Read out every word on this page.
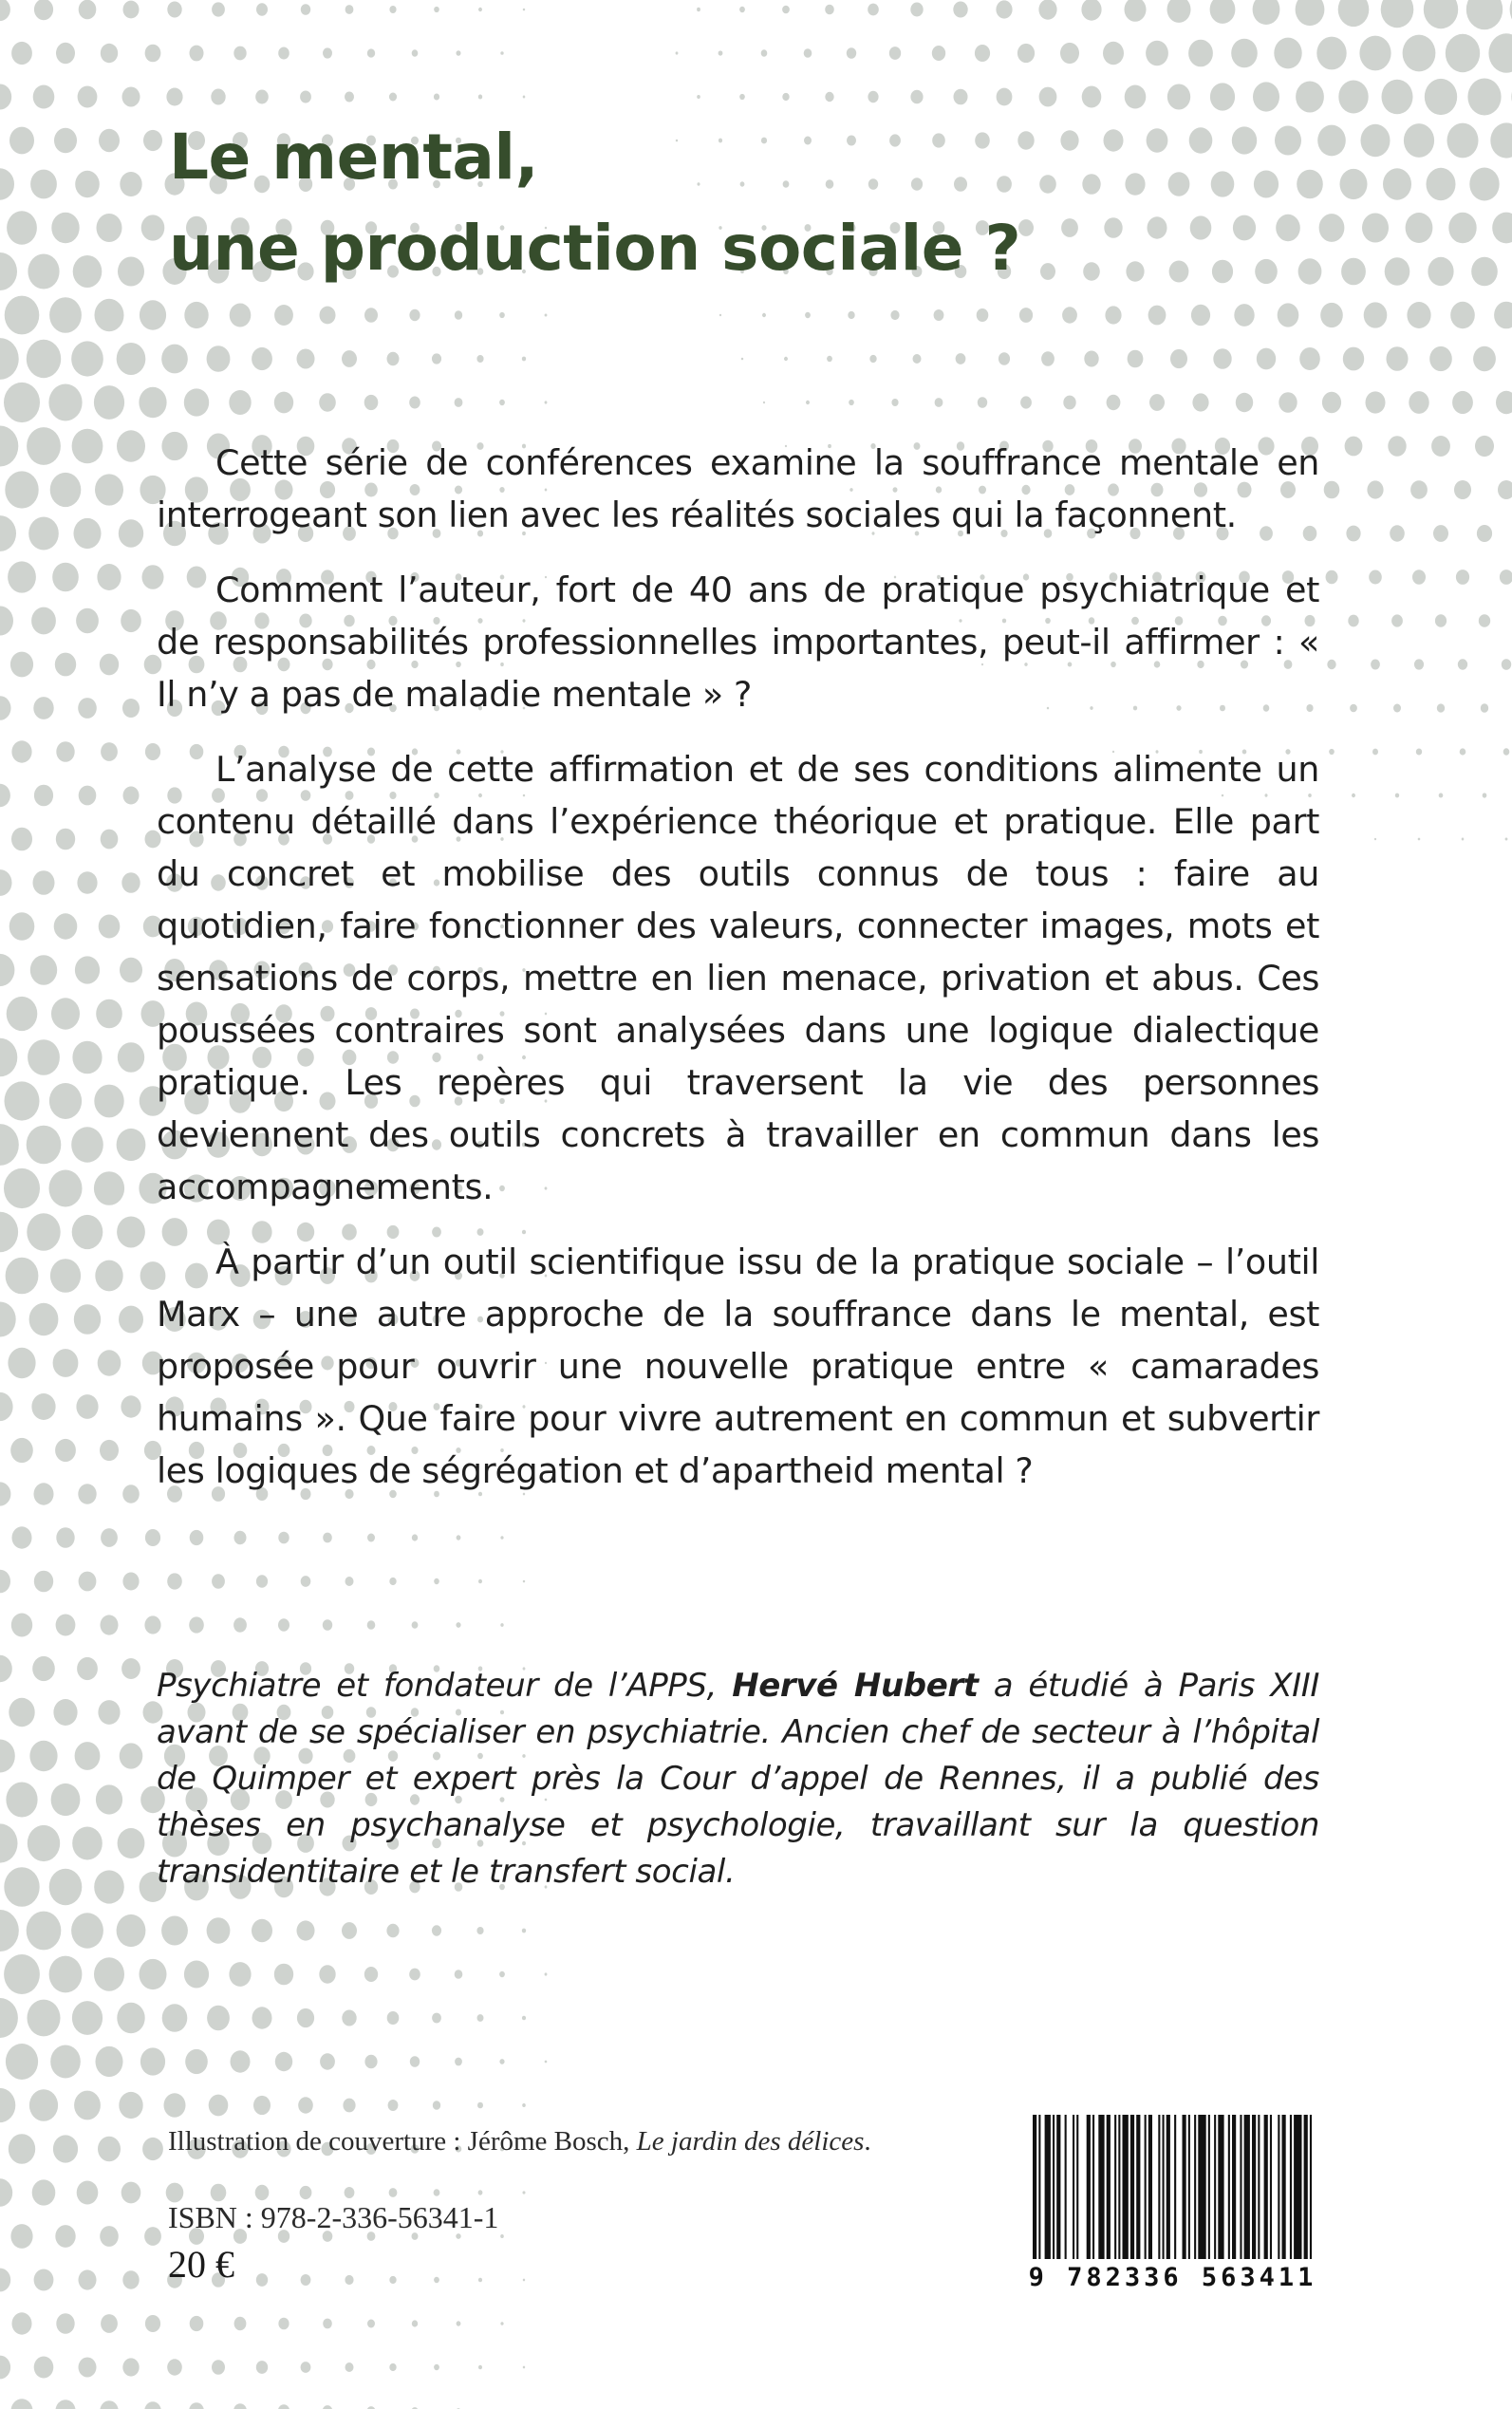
Le mental,
une production sociale ?

Cette série de conférences examine la souffrance mentale en interrogeant son lien avec les réalités sociales qui la façonnent.

Comment l’auteur, fort de 40 ans de pratique psychiatrique et de responsabilités professionnelles importantes, peut-il affirmer : « Il n’y a pas de maladie mentale » ?

L’analyse de cette affirmation et de ses conditions alimente un contenu détaillé dans l’expérience théorique et pratique. Elle part du concret et mobilise des outils connus de tous : faire au quotidien, faire fonctionner des valeurs, connecter images, mots et sensations de corps, mettre en lien menace, privation et abus. Ces poussées contraires sont analysées dans une logique dialectique pratique. Les repères qui traversent la vie des personnes deviennent des outils concrets à travailler en commun dans les accompagnements.

À partir d’un outil scientifique issu de la pratique sociale – l’outil Marx – une autre approche de la souffrance dans le mental, est proposée pour ouvrir une nouvelle pratique entre « camarades humains ». Que faire pour vivre autrement en commun et subvertir les logiques de ségrégation et d’apartheid mental ?

Psychiatre et fondateur de l’APPS, Hervé Hubert a étudié à Paris XIII avant de se spécialiser en psychiatrie. Ancien chef de secteur à l’hôpital de Quimper et expert près la Cour d’appel de Rennes, il a publié des thèses en psychanalyse et psychologie, travaillant sur la question transidentitaire et le transfert social.

Illustration de couverture : Jérôme Bosch, Le jardin des délices.

ISBN : 978-2-336-56341-1

20 €	9 782336 563411
